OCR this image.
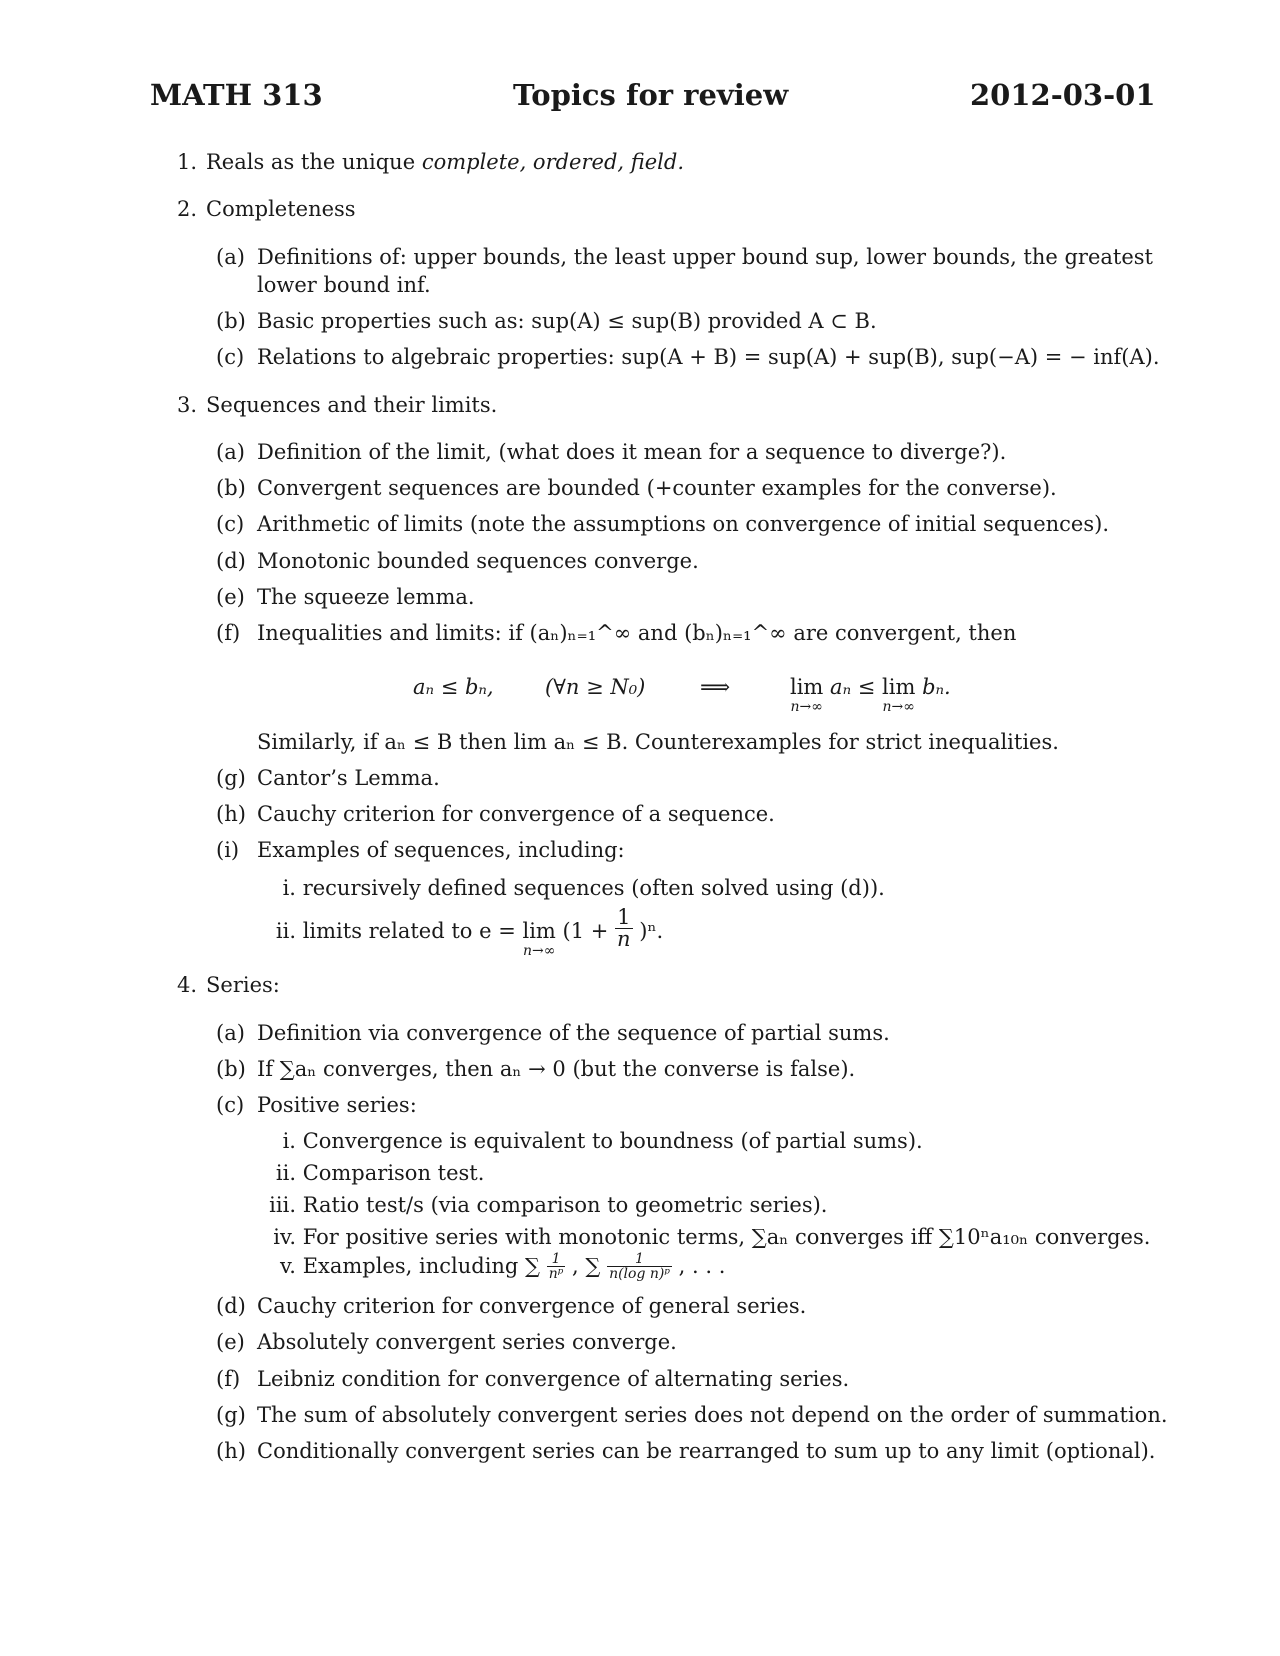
MATH 313	Topics for review	2012-03-01
1. Reals as the unique complete, ordered, field.
2. Completeness
(a) Definitions of: upper bounds, the least upper bound sup, lower bounds, the greatest
lower bound inf.
(b) Basic properties such as: sup(A) ≤ sup(B) provided A ⊂ B.
(c) Relations to algebraic properties: sup(A + B) = sup(A) + sup(B), sup(−A) = − inf(A).
3. Sequences and their limits.
(a) Definition of the limit, (what does it mean for a sequence to diverge?).
(b) Convergent sequences are bounded (+counter examples for the converse).
(c) Arithmetic of limits (note the assumptions on convergence of initial sequences).
(d) Monotonic bounded sequences converge.
(e) The squeeze lemma.
(f) Inequalities and limits: if (aₙ)ₙ₌₁^∞ and (bₙ)ₙ₌₁^∞ are convergent, then
aₙ ≤ bₙ, (∀n ≥ N₀)	⟹	lim
n→∞
aₙ ≤ lim
n→∞
bₙ.
Similarly, if aₙ ≤ B then lim aₙ ≤ B. Counterexamples for strict inequalities.
(g) Cantor’s Lemma.
(h) Cauchy criterion for convergence of a sequence.
(i) Examples of sequences, including:
i. recursively defined sequences (often solved using (d)).
ii. limits related to e = lim
n→∞
$(1 + \frac{1}{n} )^n$.
4. Series:
(a) Definition via convergence of the sequence of partial sums.
(b) If ∑aₙ converges, then aₙ → 0 (but the converse is false).
(c) Positive series:
i. Convergence is equivalent to boundness (of partial sums).
ii. Comparison test.
iii. Ratio test/s (via comparison to geometric series).
iv. For positive series with monotonic terms, ∑aₙ converges iff ∑10ⁿa₁₀ₙ converges.
v. Examples, including ∑ $\frac{1}{\text{nᵖ}}$ , ∑ $\frac{1}{\text{n(log n)ᵖ}}$ , . . .
(d) Cauchy criterion for convergence of general series.
(e) Absolutely convergent series converge.
(f) Leibniz condition for convergence of alternating series.
(g) The sum of absolutely convergent series does not depend on the order of summation.
(h) Conditionally convergent series can be rearranged to sum up to any limit (optional).
